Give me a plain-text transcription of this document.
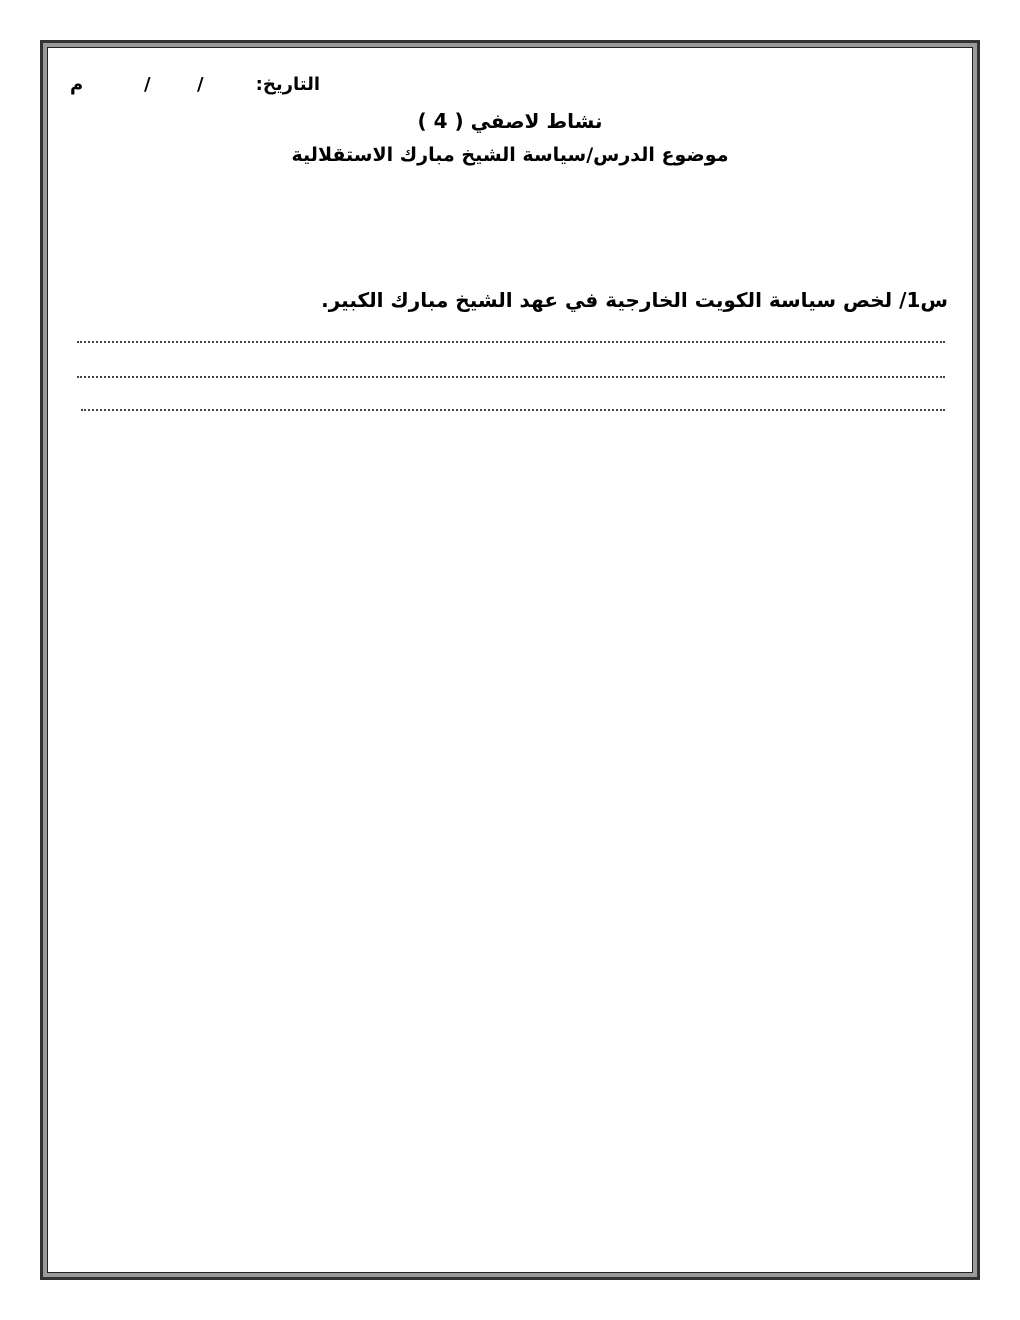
التاريخ:
/
/
م
نشاط لاصفي ( 4 )
موضوع الدرس/سياسة الشيخ مبارك الاستقلالية
س1/ لخص سياسة الكويت الخارجية في عهد الشيخ مبارك الكبير.
